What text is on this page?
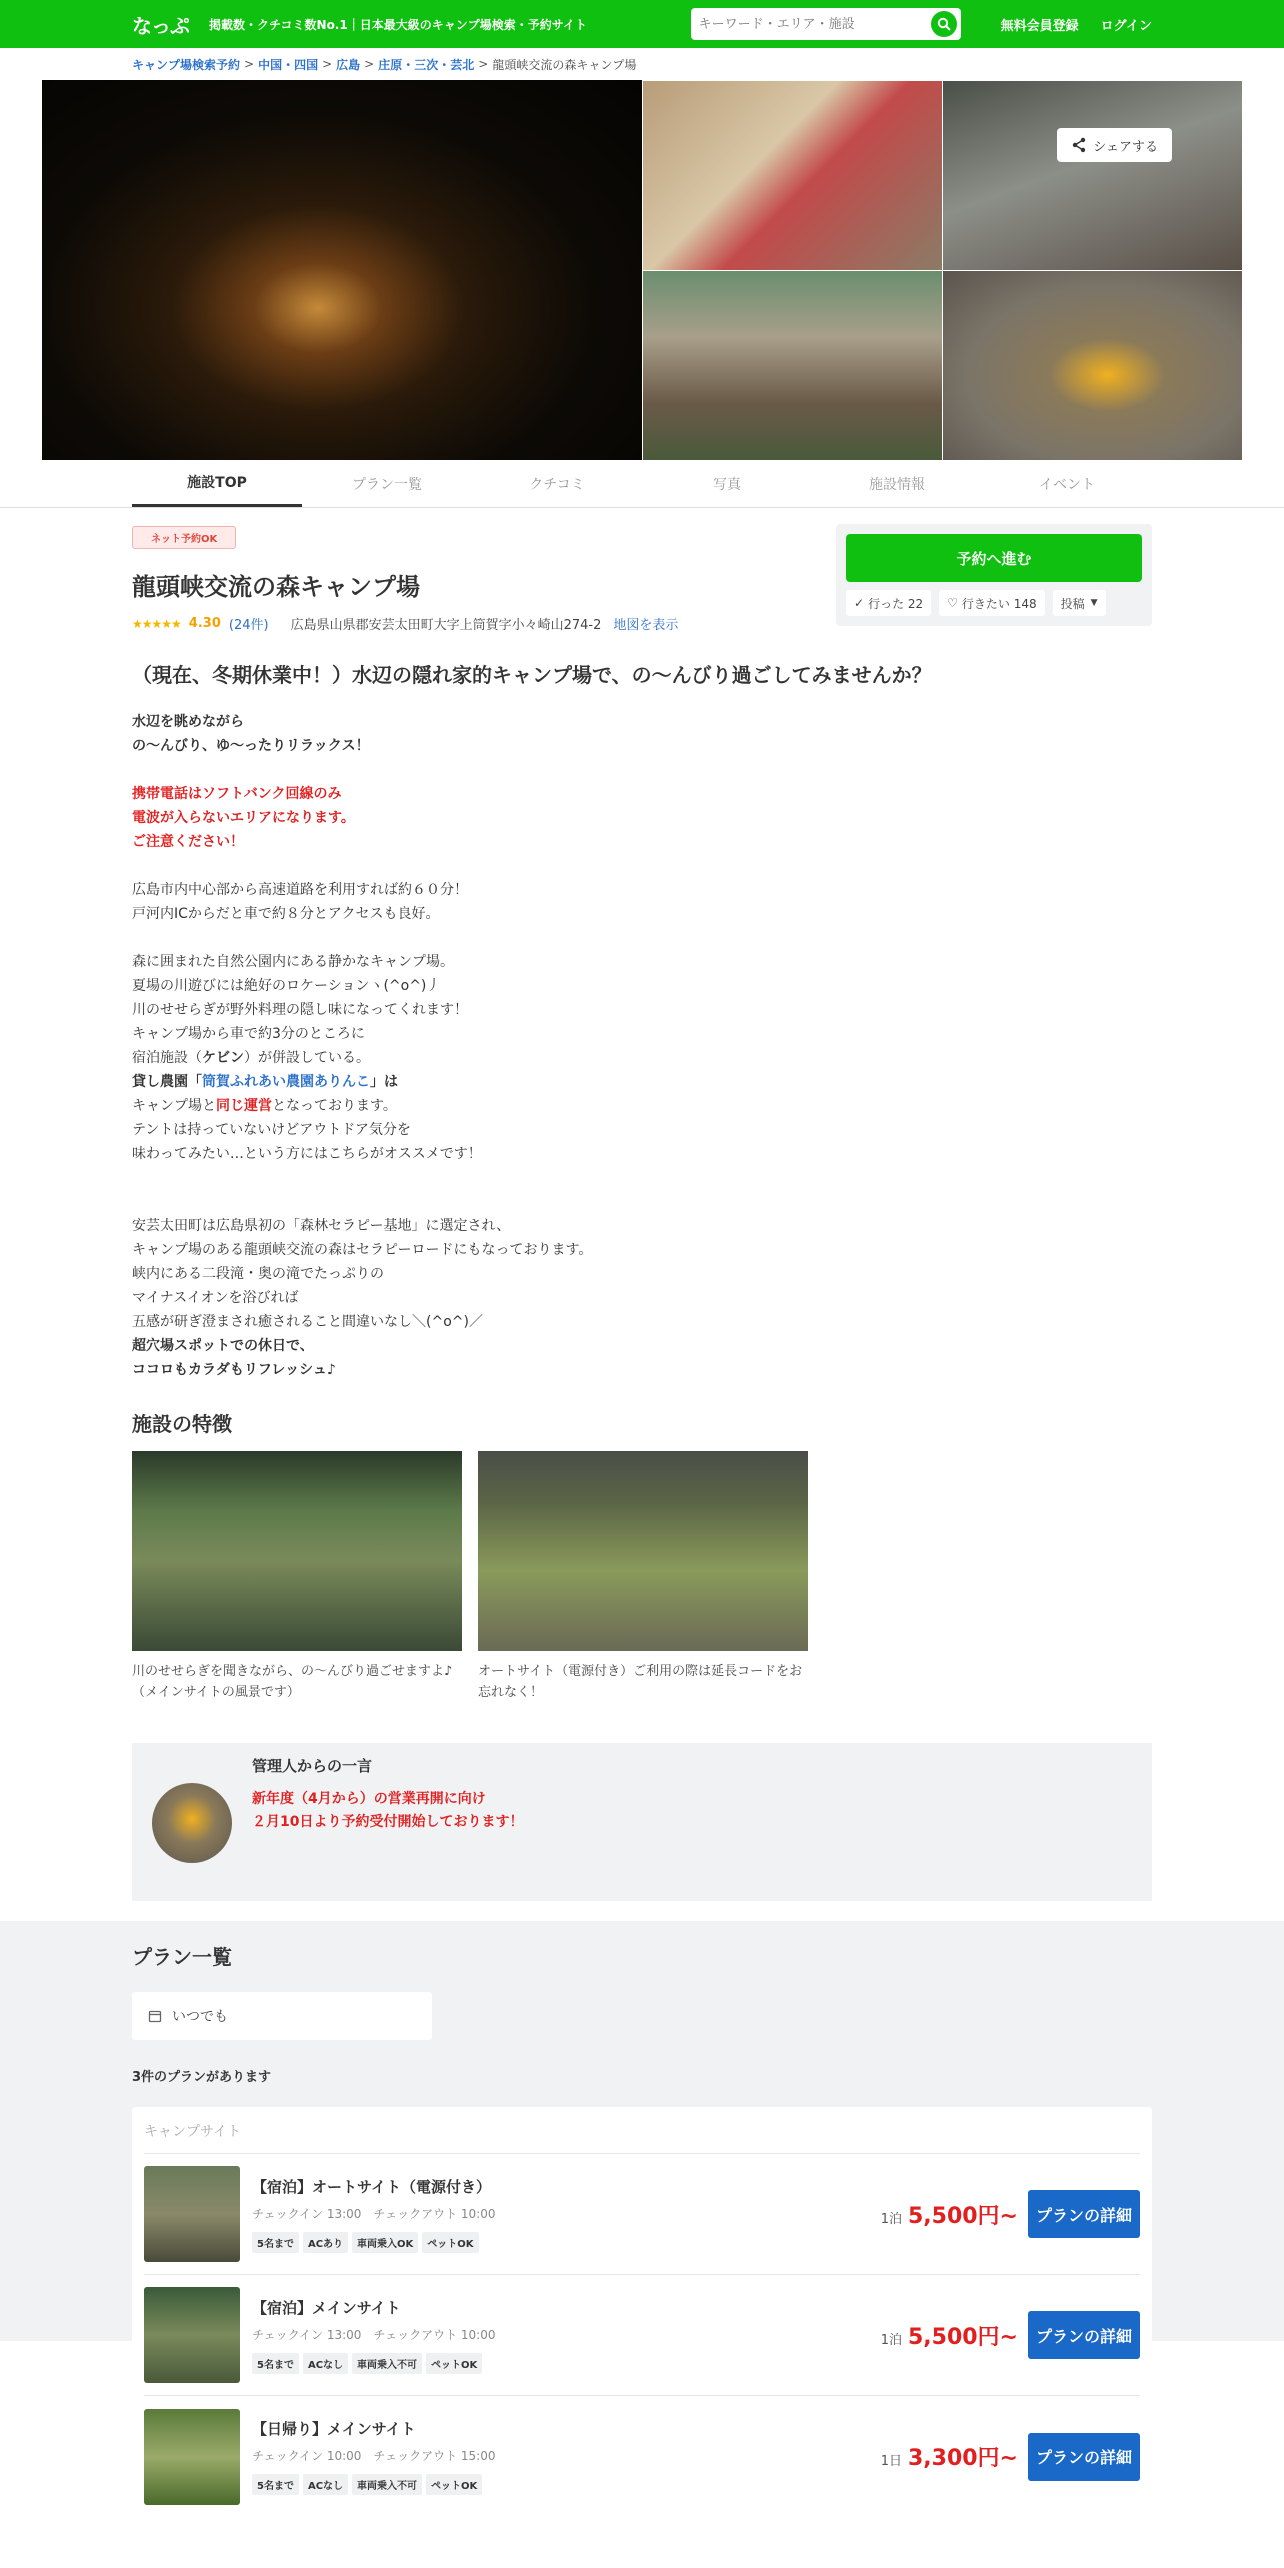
なっぷ 掲載数・クチコミ数No.1｜日本最大級のキャンプ場検索・予約サイト
キーワード・エリア・施設	無料会員登録 ログイン
キャンプ場検索予約 > 中国・四国 > 広島 > 庄原・三次・芸北 > 龍頭峡交流の森キャンプ場
シェアする
施設TOP	プラン一覧	クチコミ	写真	施設情報	イベント
ネット予約OK
龍頭峡交流の森キャンプ場
★★★★★ 4.30 (24件) 広島県山県郡安芸太田町大字上筒賀字小々崎山274-2 地図を表示
予約へ進む
✓ 行った 22 ♡ 行きたい 148 投稿 ▼
（現在、冬期休業中！）水辺の隠れ家的キャンプ場で、の～んびり過ごしてみませんか？

水辺を眺めながら
の～んびり、ゆ～ったりリラックス！

携帯電話はソフトバンク回線のみ
電波が入らないエリアになります。
ご注意ください！

広島市内中心部から高速道路を利用すれば約６０分！
戸河内ICからだと車で約８分とアクセスも良好。

森に囲まれた自然公園内にある静かなキャンプ場。
夏場の川遊びには絶好のロケーションヽ(^o^)丿
川のせせらぎが野外料理の隠し味になってくれます！

キャンプ場から車で約3分のところに
宿泊施設（ケビン）が併設している。
貸し農園「筒賀ふれあい農園ありんこ」は
キャンプ場と同じ運営となっております。
テントは持っていないけどアウトドア気分を
味わってみたい…という方にはこちらがオススメです！

安芸太田町は広島県初の「森林セラピー基地」に選定され、
キャンプ場のある龍頭峡交流の森はセラピーロードにもなっております。
峡内にある二段滝・奥の滝でたっぷりの
マイナスイオンを浴びれば
五感が研ぎ澄まされ癒されること間違いなし＼(^o^)／

超穴場スポットでの休日で、
ココロもカラダもリフレッシュ♪

施設の特徴
川のせせらぎを聞きながら、の～んびり過ごせますよ♪（メインサイトの風景です）
オートサイト（電源付き）ご利用の際は延長コードをお忘れなく！
管理人からの一言
新年度（4月から）の営業再開に向け
２月10日より予約受付開始しております！
プラン一覧
いつでも
3件のプランがあります
キャンプサイト
【宿泊】オートサイト（電源付き）
チェックイン 13:00　チェックアウト 10:00
5名まで	ACあり	車両乗入OK	ペットOK
1泊 5,500円~	プランの詳細
【宿泊】メインサイト
チェックイン 13:00　チェックアウト 10:00
5名まで	ACなし	車両乗入不可	ペットOK
1泊 5,500円~	プランの詳細
【日帰り】メインサイト
チェックイン 10:00　チェックアウト 15:00
5名まで	ACなし	車両乗入不可	ペットOK
1日 3,300円~	プランの詳細
